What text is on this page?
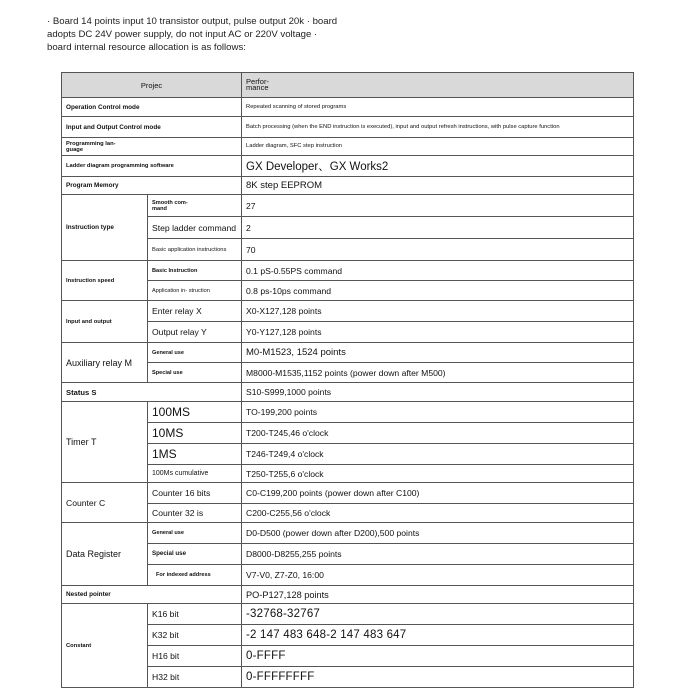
· Board 14 points input 10 transistor output, pulse output 20k · board
adopts DC 24V power supply, do not input AC or 220V voltage ·
board internal resource allocation is as follows:
Projec		Perfor-
mance
Operation Control mode		Repeated scanning of stored programs
Input and Output Control mode		Batch processing (when the END instruction is executed), input and output refresh instructions, with pulse capture function
Programming lan-
guage		Ladder diagram, SFC step instruction
Ladder diagram programming software		GX Developer、GX Works2
Program Memory		8K step EEPROM
Instruction type	Smooth com-
mand	27
	Step ladder command	2
	Basic application instructions	70
Instruction speed	Basic Instruction	0.1 pS-0.55PS command
	Application in- struction	0.8 ps-10ps command
Input and output	Enter relay X	X0-X127,128 points
	Output relay Y	Y0-Y127,128 points
Auxiliary relay M	General use	M0-M1523, 1524 points
	Special use	M8000-M1535,1152 points (power down after M500)
Status S		S10-S999,1000 points
Timer T	100MS	TO-199,200 points
	10MS	T200-T245,46 o'clock
	1MS	T246-T249,4 o'clock
	100Ms cumulative	T250-T255,6 o'clock
Counter C	Counter 16 bits	C0-C199,200 points (power down after C100)
	Counter 32 is	C200-C255,56 o'clock
Data Register	General use	D0-D500 (power down after D200),500 points
	Special use	D8000-D8255,255 points
	For indexed address	V7-V0, Z7-Z0, 16:00
Nested pointer		PO-P127,128 points
Constant	K16 bit	-32768-32767
	K32 bit	-2 147 483 648-2 147 483 647
	H16 bit	0-FFFF
	H32 bit	0-FFFFFFFF
